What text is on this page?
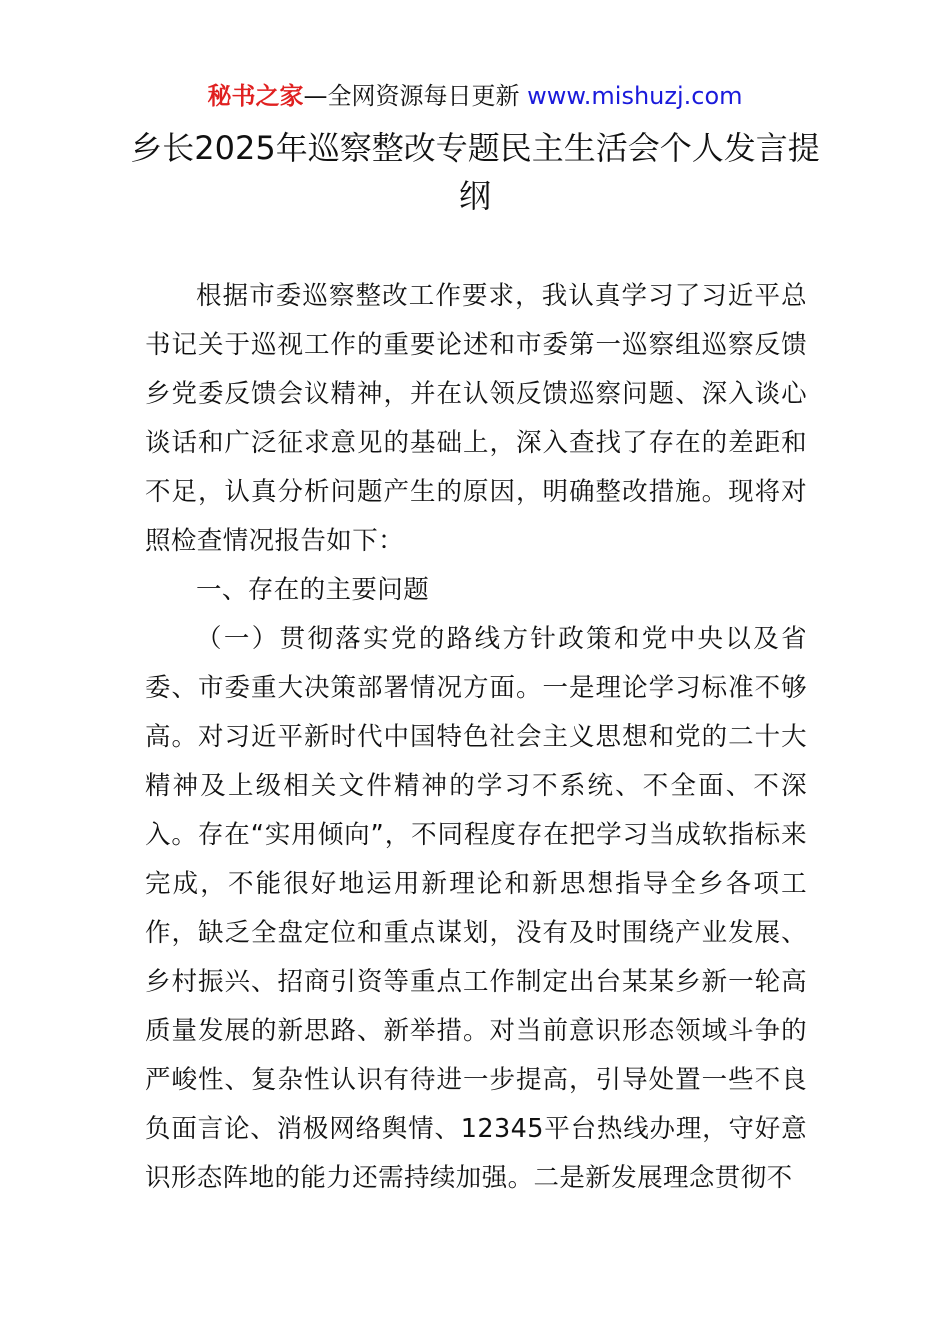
秘书之家—全网资源每日更新 www.mishuzj.com
乡长2025年巡察整改专题民主生活会个人发言提纲

根据市委巡察整改工作要求，我认真学习了习近平总书记关于巡视工作的重要论述和市委第一巡察组巡察反馈乡党委反馈会议精神，并在认领反馈巡察问题、深入谈心谈话和广泛征求意见的基础上，深入查找了存在的差距和不足，认真分析问题产生的原因，明确整改措施。现将对照检查情况报告如下：

一、存在的主要问题

（一）贯彻落实党的路线方针政策和党中央以及省委、市委重大决策部署情况方面。一是理论学习标准不够高。对习近平新时代中国特色社会主义思想和党的二十大精神及上级相关文件精神的学习不系统、不全面、不深入。存在“实用倾向”，不同程度存在把学习当成软指标来完成，不能很好地运用新理论和新思想指导全乡各项工作，缺乏全盘定位和重点谋划，没有及时围绕产业发展、乡村振兴、招商引资等重点工作制定出台某某乡新一轮高质量发展的新思路、新举措。对当前意识形态领域斗争的严峻性、复杂性认识有待进一步提高，引导处置一些不良负面言论、消极网络舆情、12345平台热线办理，守好意识形态阵地的能力还需持续加强。二是新发展理念贯彻不
